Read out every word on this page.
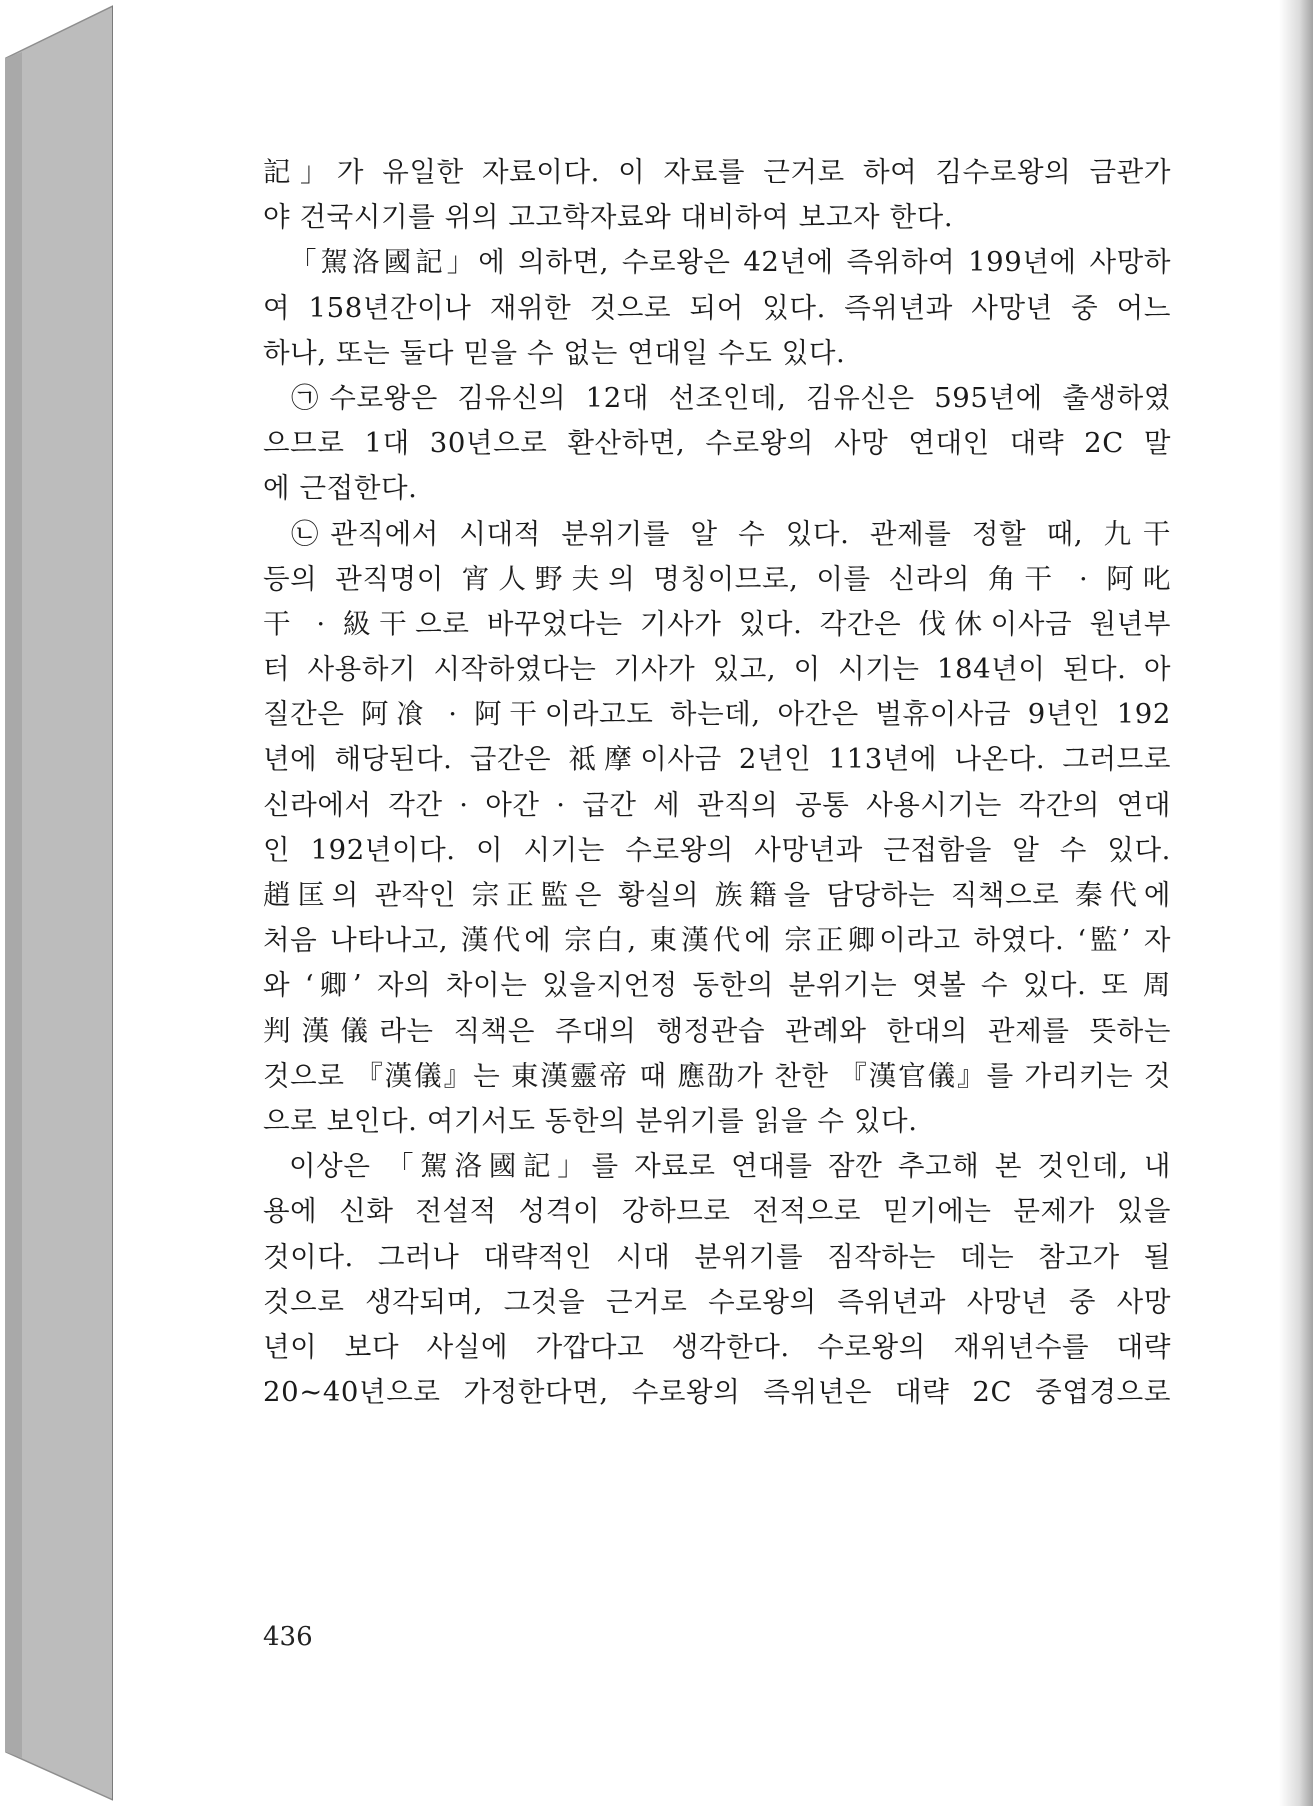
記」가 유일한 자료이다. 이 자료를 근거로 하여 김수로왕의 금관가
야 건국시기를 위의 고고학자료와 대비하여 보고자 한다.
「駕洛國記」에 의하면, 수로왕은 42년에 즉위하여 199년에 사망하
여 158년간이나 재위한 것으로 되어 있다. 즉위년과 사망년 중 어느
하나, 또는 둘다 믿을 수 없는 연대일 수도 있다.
㉠수로왕은 김유신의 12대 선조인데, 김유신은 595년에 출생하였
으므로 1대 30년으로 환산하면, 수로왕의 사망 연대인 대략 2C 말
에 근접한다.
㉡관직에서 시대적 분위기를 알 수 있다. 관제를 정할 때, 九干
등의 관직명이 宵人野夫의 명칭이므로, 이를 신라의 角干 · 阿叱
干 · 級干으로 바꾸었다는 기사가 있다. 각간은 伐休이사금 원년부
터 사용하기 시작하였다는 기사가 있고, 이 시기는 184년이 된다. 아
질간은 阿飡 · 阿干이라고도 하는데, 아간은 벌휴이사금 9년인 192
년에 해당된다. 급간은 祗摩이사금 2년인 113년에 나온다. 그러므로
신라에서 각간 · 아간 · 급간 세 관직의 공통 사용시기는 각간의 연대
인 192년이다. 이 시기는 수로왕의 사망년과 근접함을 알 수 있다.
趙匡의 관작인 宗正監은 황실의 族籍을 담당하는 직책으로 秦代에
처음 나타나고, 漢代에 宗白, 東漢代에 宗正卿이라고 하였다. ‘監’ 자
와 ‘卿’ 자의 차이는 있을지언정 동한의 분위기는 엿볼 수 있다. 또 周
判漢儀라는 직책은 주대의 행정관습 관례와 한대의 관제를 뜻하는
것으로 『漢儀』는 東漢靈帝 때 應劭가 찬한 『漢官儀』를 가리키는 것
으로 보인다. 여기서도 동한의 분위기를 읽을 수 있다.
이상은 「駕洛國記」를 자료로 연대를 잠깐 추고해 본 것인데, 내
용에 신화 전설적 성격이 강하므로 전적으로 믿기에는 문제가 있을
것이다. 그러나 대략적인 시대 분위기를 짐작하는 데는 참고가 될
것으로 생각되며, 그것을 근거로 수로왕의 즉위년과 사망년 중 사망
년이 보다 사실에 가깝다고 생각한다. 수로왕의 재위년수를 대략
20~40년으로 가정한다면, 수로왕의 즉위년은 대략 2C 중엽경으로
436
